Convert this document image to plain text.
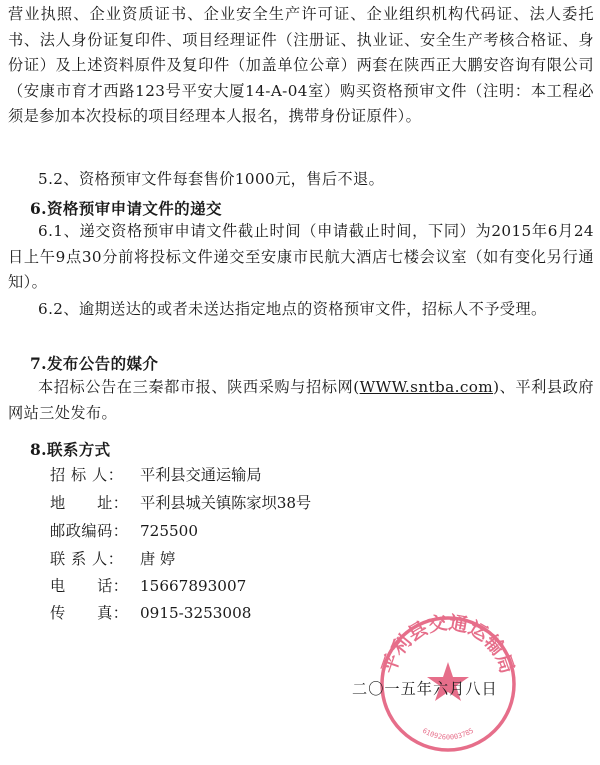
营业执照、企业资质证书、企业安全生产许可证、企业组织机构代码证、法人委托书、法人身份证复印件、项目经理证件（注册证、执业证、安全生产考核合格证、身份证）及上述资料原件及复印件（加盖单位公章）两套在陕西正大鹏安咨询有限公司（安康市育才西路123号平安大厦14-A-04室）购买资格预审文件（注明：本工程必须是参加本次投标的项目经理本人报名，携带身份证原件）。

5.2、资格预审文件每套售价1000元，售后不退。

6.资格预审申请文件的递交

6.1、递交资格预审申请文件截止时间（申请截止时间，下同）为2015年6月24日上午9点30分前将投标文件递交至安康市民航大酒店七楼会议室（如有变化另行通知）。

6.2、逾期送达的或者未送达指定地点的资格预审文件，招标人不予受理。

7.发布公告的媒介

本招标公告在三秦都市报、陕西采购与招标网(WWW.sntba.com)、平利县政府网站三处发布。

8.联系方式

招 标 人：	平利县交通运输局
地　　址： 平利县城关镇陈家坝38号
邮政编码： 725500
联 系 人：	唐 婷
电　　话： 15667893007
传　　真： 0915-3253008
平利县交通运输局
6109260003785
二〇一五年六月八日
